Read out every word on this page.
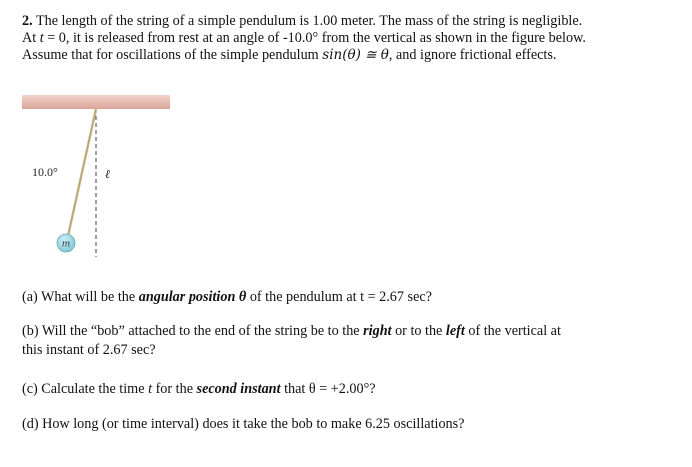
2. The length of the string of a simple pendulum is 1.00 meter. The mass of the string is negligible.
At t = 0, it is released from rest at an angle of -10.0° from the vertical as shown in the figure below.
Assume that for oscillations of the simple pendulum sin(θ) ≅ θ, and ignore frictional effects.
m
10.0°	ℓ
(a) What will be the angular position θ of the pendulum at t = 2.67 sec?
(b) Will the “bob” attached to the end of the string be to the right or to the left of the vertical at
this instant of 2.67 sec?
(c) Calculate the time t for the second instant that θ = +2.00°?
(d) How long (or time interval) does it take the bob to make 6.25 oscillations?
